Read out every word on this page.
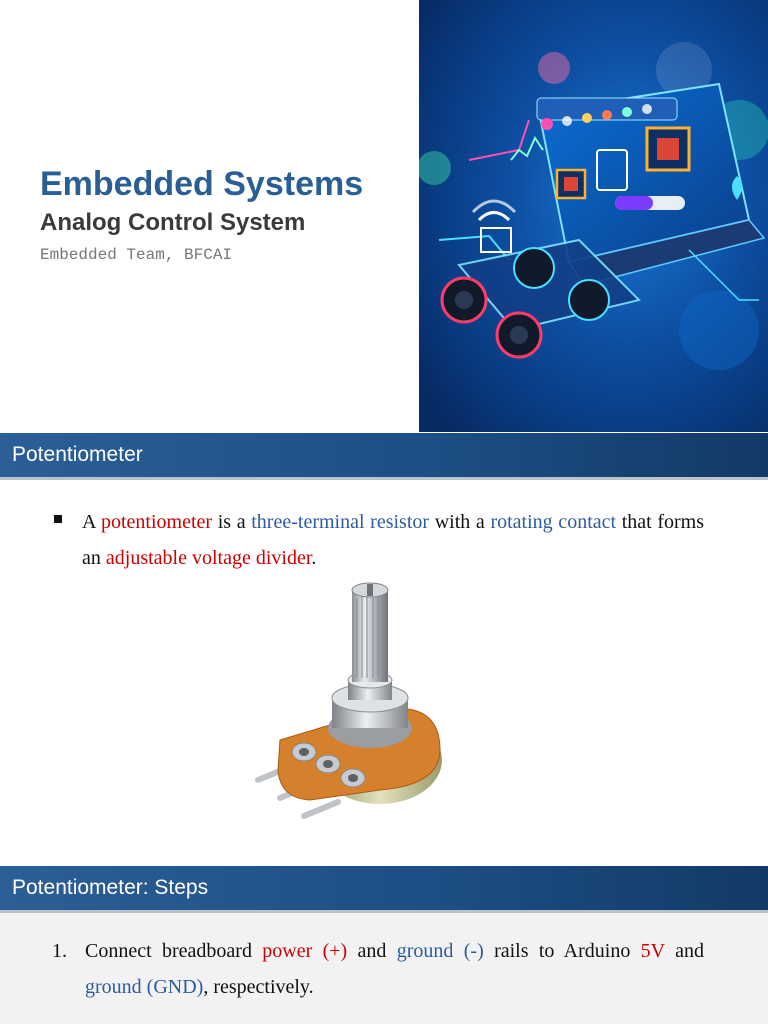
Embedded Systems
Analog Control System
Embedded Team, BFCAI
Potentiometer
A potentiometer is a three-terminal resistor with a rotating contact that forms an adjustable voltage divider.
Potentiometer: Steps
1. Connect breadboard power (+) and ground (-) rails to Arduino 5V and ground (GND), respectively.
